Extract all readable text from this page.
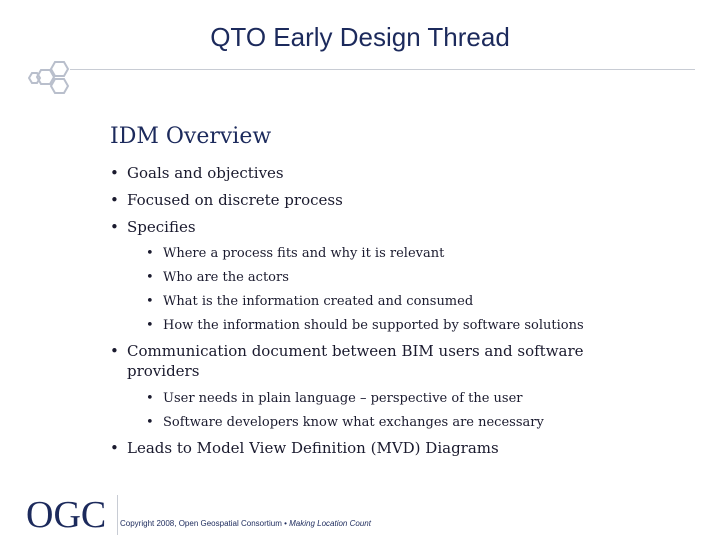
QTO Early Design Thread
IDM Overview
• Goals and objectives
• Focused on discrete process
• Specifies
• Where a process fits and why it is relevant
• Who are the actors
• What is the information created and consumed
• How the information should be supported by software solutions
• Communication document between BIM users and software providers
• User needs in plain language – perspective of the user
• Software developers know what exchanges are necessary
• Leads to Model View Definition (MVD) Diagrams
OGC Copyright 2008, Open Geospatial Consortium • Making Location Count
